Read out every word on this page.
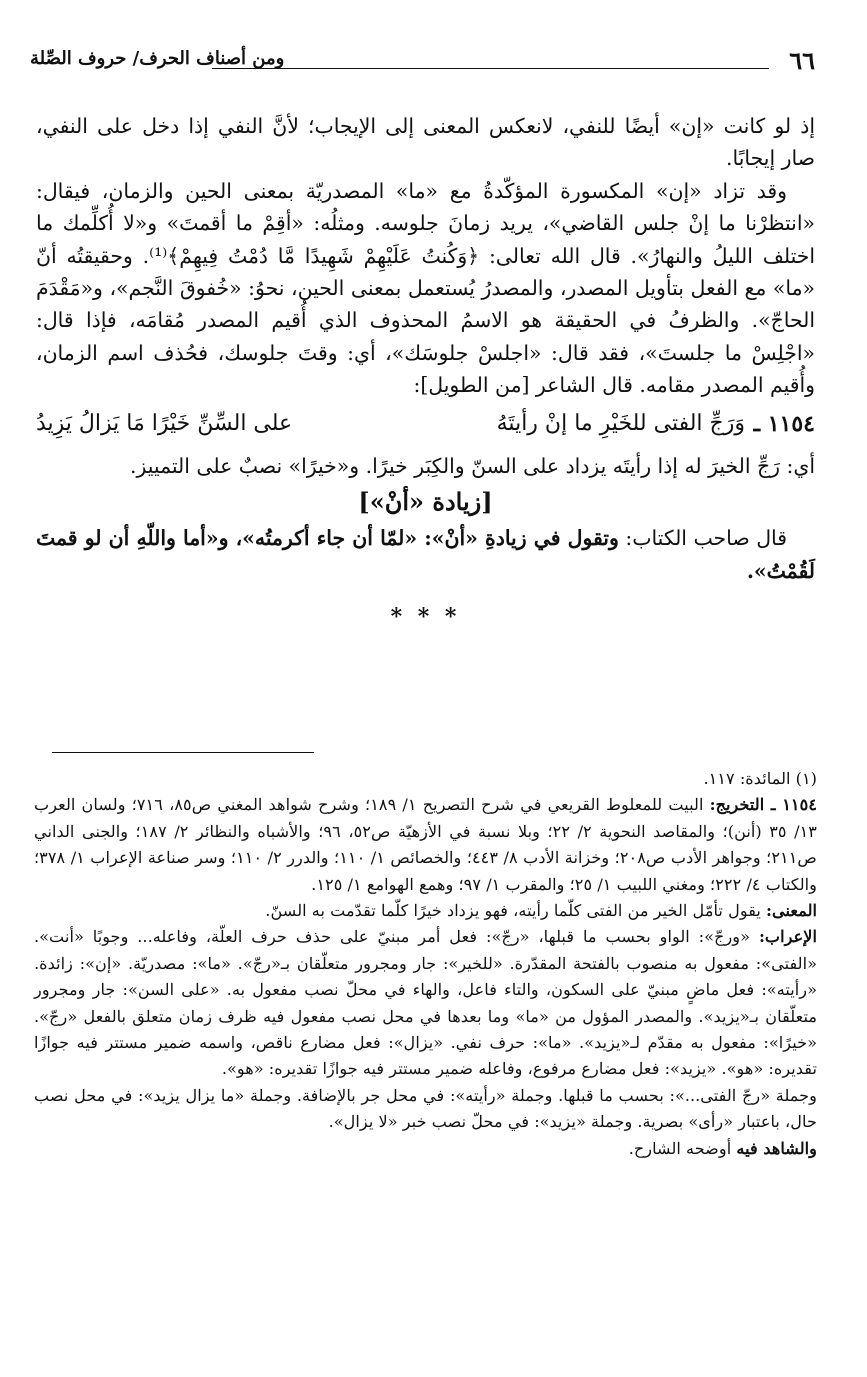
٦٦
ومن أصناف الحرف/ حروف الصِّلة

إذ لو كانت «إن» أيضًا للنفي، لانعكس المعنى إلى الإيجاب؛ لأنَّ النفي إذا دخل على النفي، صار إيجابًا.

وقد تزاد «إن» المكسورة المؤكّدةُ مع «ما» المصدريّة بمعنى الحين والزمان، فيقال: «انتظرْنا ما إنْ جلس القاضي»، يريد زمانَ جلوسه. ومثلُه: «أقِمْ ما أقمتَ» و«لا أُكلِّمك ما اختلف الليلُ والنهارُ». قال الله تعالى: ﴿وَكُنتُ عَلَيْهِمْ شَهِيدًا مَّا دُمْتُ فِيهِمْ﴾⁽¹⁾. وحقيقتُه أنّ «ما» مع الفعل بتأويل المصدر، والمصدرُ يُستعمل بمعنى الحين، نحوُ: «خُفوقَ النَّجم»، و«مَقْدَمَ الحاجّ». والظرفُ في الحقيقة هو الاسمُ المحذوف الذي أُقيم المصدر مُقامَه، فإذا قال: «اجْلِسْ ما جلستَ»، فقد قال: «اجلسْ جلوسَك»، أي: وقتَ جلوسك، فحُذف اسم الزمان، وأُقيم المصدر مقامه. قال الشاعر [من الطويل]:

١١٥٤ ـ
وَرَجِّ الفتى للخَيْرِ ما إنْ رأيتَهُ
على السِّنِّ خَيْرًا مَا يَزالُ يَزِيدُ

أي: رَجِّ الخيرَ له إذا رأيتَه يزداد على السنّ والكِبَر خيرًا. و«خيرًا» نصبٌ على التمييز.

[زيادة «أنْ»]

قال صاحب الكتاب: وتقول في زيادةِ «أنْ»: «لمّا أن جاء أكرمتُه»، و«أما واللّهِ أن لو قمتَ لَقُمْتُ».

* * *

(١) المائدة: ١١٧.

١١٥٤ ـ التخريج: البيت للمعلوط القريعي في شرح التصريح ١/ ١٨٩؛ وشرح شواهد المغني ص٨٥، ٧١٦؛ ولسان العرب ١٣/ ٣٥ (أنن)؛ والمقاصد النحوية ٢/ ٢٢؛ وبلا نسبة في الأزهيّة ص٥٢، ٩٦؛ والأشباه والنظائر ٢/ ١٨٧؛ والجنى الداني ص٢١١؛ وجواهر الأدب ص٢٠٨؛ وخزانة الأدب ٨/ ٤٤٣؛ والخصائص ١/ ١١٠؛ والدرر ٢/ ١١٠؛ وسر صناعة الإعراب ١/ ٣٧٨؛ والكتاب ٤/ ٢٢٢؛ ومغني اللبيب ١/ ٢٥؛ والمقرب ١/ ٩٧؛ وهمع الهوامع ١/ ١٢٥.

المعنى: يقول تأمّل الخير من الفتى كلّما رأيته، فهو يزداد خيرًا كلّما تقدّمت به السنّ.

الإعراب: «ورجّ»: الواو بحسب ما قبلها، «رجّ»: فعل أمر مبنيّ على حذف حرف العلّة، وفاعله... وجوبًا «أنت». «الفتى»: مفعول به منصوب بالفتحة المقدّرة. «للخير»: جار ومجرور متعلّقان بـ«رجّ». «ما»: مصدريّة. «إن»: زائدة. «رأيته»: فعل ماضٍ مبنيّ على السكون، والتاء فاعل، والهاء في محلّ نصب مفعول به. «على السن»: جار ومجرور متعلّقان بـ«يزيد». والمصدر المؤول من «ما» وما بعدها في محل نصب مفعول فيه ظرف زمان متعلق بالفعل «رجّ». «خيرًا»: مفعول به مقدّم لـ«يزيد». «ما»: حرف نفي. «يزال»: فعل مضارع ناقص، واسمه ضمير مستتر فيه جوازًا تقديره: «هو». «يزيد»: فعل مضارع مرفوع، وفاعله ضمير مستتر فيه جوازًا تقديره: «هو».

وجملة «رجّ الفتى...»: بحسب ما قبلها. وجملة «رأيته»: في محل جر بالإضافة. وجملة «ما يزال يزيد»: في محل نصب حال، باعتبار «رأى» بصرية. وجملة «يزيد»: في محلّ نصب خبر «لا يزال».

والشاهد فيه أوضحه الشارح.
